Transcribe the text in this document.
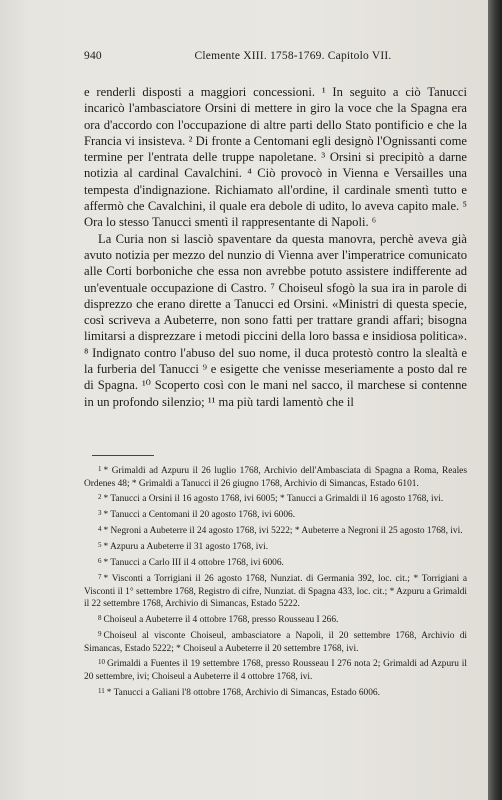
940	Clemente XIII. 1758-1769. Capitolo VII.

e renderli disposti a maggiori concessioni. ¹ In seguito a ciò Tanucci incaricò l'ambasciatore Orsini di mettere in giro la voce che la Spagna era ora d'accordo con l'occupazione di altre parti dello Stato pontificio e che la Francia vi insisteva. ² Di fronte a Centomani egli designò l'Ognissanti come termine per l'entrata delle truppe napoletane. ³ Orsini si precipitò a darne notizia al cardinal Cavalchini. ⁴ Ciò provocò in Vienna e Versailles una tempesta d'indignazione. Richiamato all'ordine, il cardinale smentì tutto e affermò che Cavalchini, il quale era debole di udito, lo aveva capito male. ⁵ Ora lo stesso Tanucci smentì il rappresentante di Napoli. ⁶

La Curia non si lasciò spaventare da questa manovra, perchè aveva già avuto notizia per mezzo del nunzio di Vienna aver l'imperatrice comunicato alle Corti borboniche che essa non avrebbe potuto assistere indifferente ad un'eventuale occupazione di Castro. ⁷ Choiseul sfogò la sua ira in parole di disprezzo che erano dirette a Tanucci ed Orsini. «Ministri di questa specie, così scriveva a Aubeterre, non sono fatti per trattare grandi affari; bisogna limitarsi a disprezzare i metodi piccini della loro bassa e insidiosa politica». ⁸ Indignato contro l'abuso del suo nome, il duca protestò contro la slealtà e la furberia del Tanucci ⁹ e esigette che venisse meseriamente a posto dal re di Spagna. ¹⁰ Scoperto così con le mani nel sacco, il marchese si contenne in un profondo silenzio; ¹¹ ma più tardi lamentò che il

$^1$ * Grimaldi ad Azpuru il 26 luglio 1768, Archivio dell'Ambasciata di Spagna a Roma, Reales Ordenes 48; * Grimaldi a Tanucci il 26 giugno 1768, Archivio di Simancas, Estado 6101.

$^2$ * Tanucci a Orsini il 16 agosto 1768, ivi 6005; * Tanucci a Grimaldi il 16 agosto 1768, ivi.

$^3$ * Tanucci a Centomani il 20 agosto 1768, ivi 6006.

$^4$ * Negroni a Aubeterre il 24 agosto 1768, ivi 5222; * Aubeterre a Negroni il 25 agosto 1768, ivi.

$^5$ * Azpuru a Aubeterre il 31 agosto 1768, ivi.

$^6$ * Tanucci a Carlo III il 4 ottobre 1768, ivi 6006.

$^7$ * Visconti a Torrigiani il 26 agosto 1768, Nunziat. di Germania 392, loc. cit.; * Torrigiani a Visconti il 1° settembre 1768, Registro di cifre, Nunziat. di Spagna 433, loc. cit.; * Azpuru a Grimaldi il 22 settembre 1768, Archivio di Simancas, Estado 5222.

$^8$ Choiseul a Aubeterre il 4 ottobre 1768, presso Rousseau I 266.

$^9$ Choiseul al visconte Choiseul, ambasciatore a Napoli, il 20 settembre 1768, Archivio di Simancas, Estado 5222; * Choiseul a Aubeterre il 20 settembre 1768, ivi.

$^{10}$ Grimaldi a Fuentes il 19 settembre 1768, presso Rousseau I 276 nota 2; Grimaldi ad Azpuru il 20 settembre, ivi; Choiseul a Aubeterre il 4 ottobre 1768, ivi.

$^{11}$ * Tanucci a Galiani l'8 ottobre 1768, Archivio di Simancas, Estado 6006.
